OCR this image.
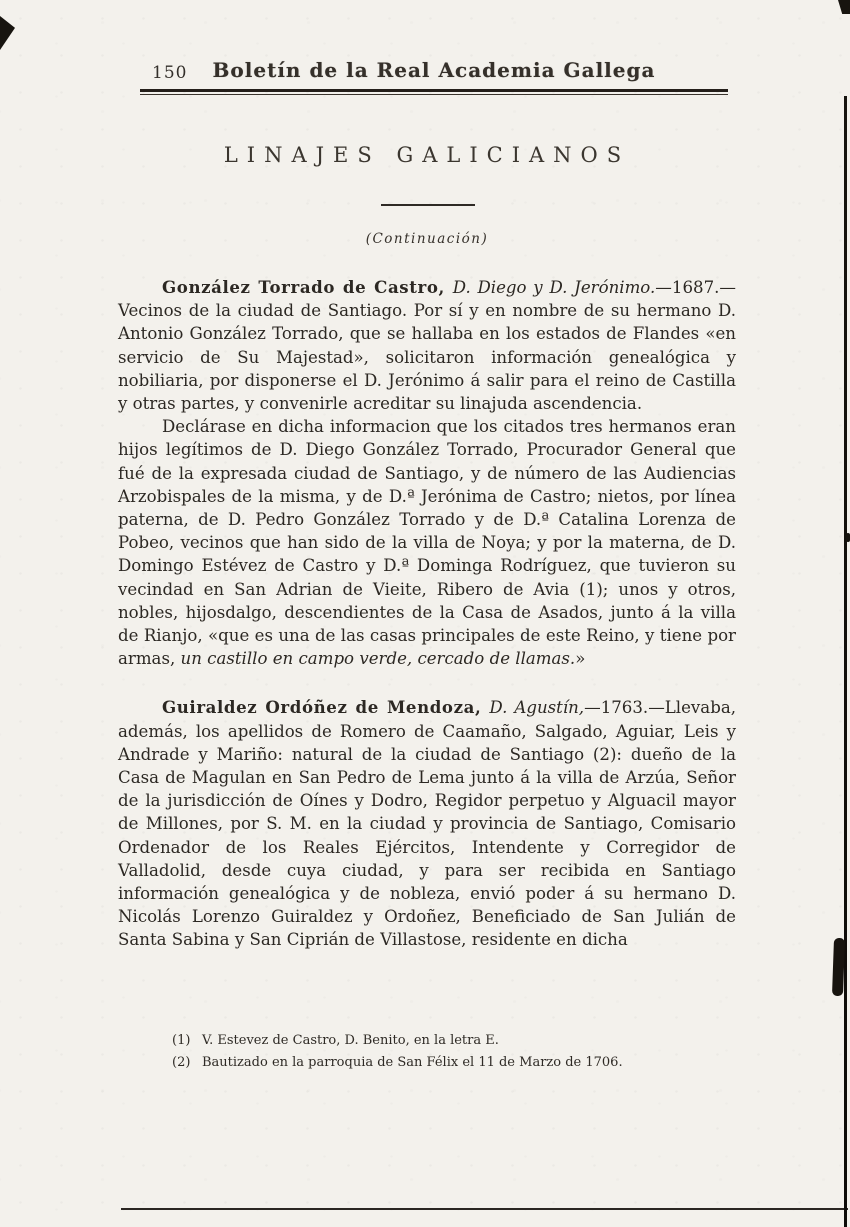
150	Boletín de la Real Academia Gallega
LINAJES GALICIANOS
(Continuación)

González Torrado de Castro, D. Diego y D. Jerónimo.—1687.—Vecinos de la ciudad de Santiago. Por sí y en nombre de su hermano D. Antonio González Torrado, que se hallaba en los estados de Flandes «en servicio de Su Majestad», solicitaron información genealógica y nobiliaria, por disponerse el D. Jerónimo á salir para el reino de Castilla y otras partes, y convenirle acreditar su linajuda ascendencia.

Declárase en dicha informacion que los citados tres hermanos eran hijos legítimos de D. Diego González Torrado, Procurador General que fué de la expresada ciudad de Santiago, y de número de las Audiencias Arzobispales de la misma, y de D.ª Jerónima de Castro; nietos, por línea paterna, de D. Pedro González Torrado y de D.ª Catalina Lorenza de Pobeo, vecinos que han sido de la villa de Noya; y por la materna, de D. Domingo Estévez de Castro y D.ª Dominga Rodríguez, que tuvieron su vecindad en San Adrian de Vieite, Ribero de Avia (1); unos y otros, nobles, hijosdalgo, descendientes de la Casa de Asados, junto á la villa de Rianjo, «que es una de las casas principales de este Reino, y tiene por armas, un castillo en campo verde, cercado de llamas.»

Guiraldez Ordóñez de Mendoza, D. Agustín,—1763.—Llevaba, además, los apellidos de Romero de Caamaño, Salgado, Aguiar, Leis y Andrade y Mariño: natural de la ciudad de Santiago (2): dueño de la Casa de Magulan en San Pedro de Lema junto á la villa de Arzúa, Señor de la jurisdicción de Oínes y Dodro, Regidor perpetuo y Alguacil mayor de Millones, por S. M. en la ciudad y provincia de Santiago, Comisario Ordenador de los Reales Ejércitos, Intendente y Corregidor de Valladolid, desde cuya ciudad, y para ser recibida en Santiago información genealógica y de nobleza, envió poder á su hermano D. Nicolás Lorenzo Guiraldez y Ordoñez, Beneficiado de San Julián de Santa Sabina y San Ciprián de Villastose, residente en dicha

(1) V. Estevez de Castro, D. Benito, en la letra E.
(2) Bautizado en la parroquia de San Félix el 11 de Marzo de 1706.
